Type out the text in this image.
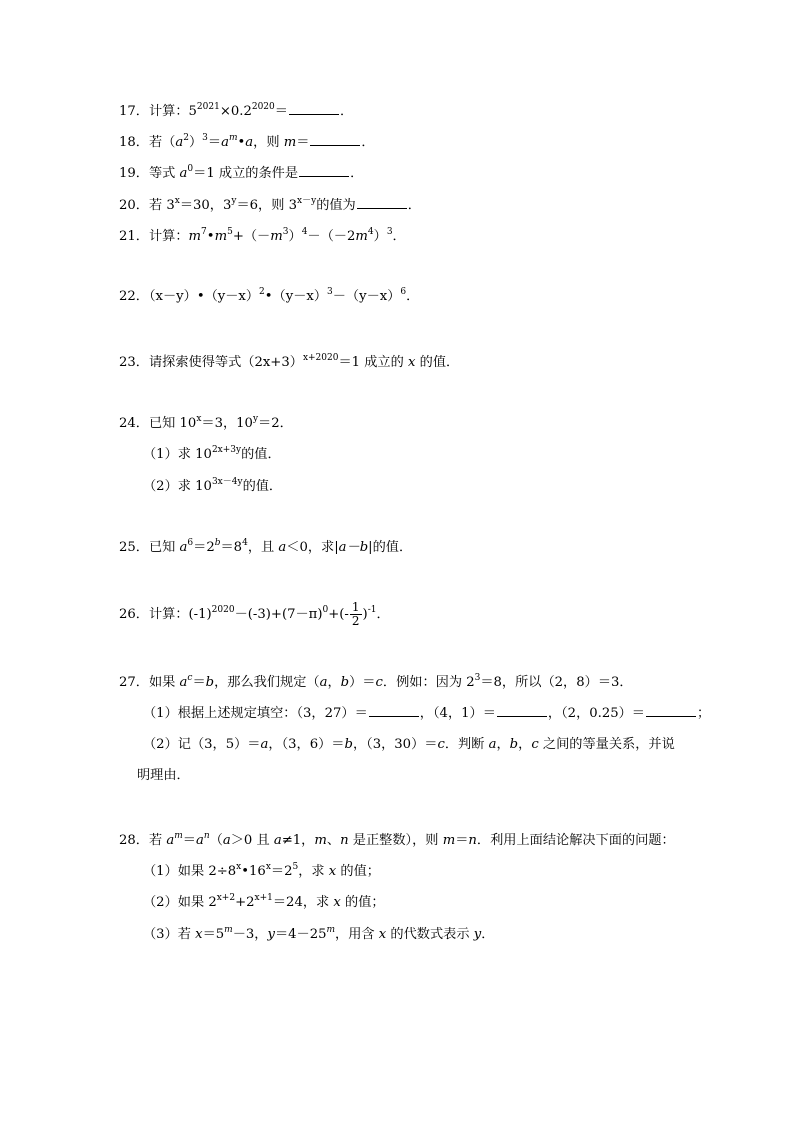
17．计算：$5^{2021}\times 0.2^{2020}=$	．
18．若$(a^2)^3=a^m•a$，则 m＝	．
19．等式 $a^0=1$ 成立的条件是	．
20．若 $3^x=30$，$3^y=6$，则 $3^{x-y}$的值为	．
21．计算：$m^7•m^5+(-m^3)^4-(-2m^4)^3$．
22．$(x-y)•(y-x)^2•(y-x)^3-(y-x)^6$．
23．请探索使得等式$(2x+3)^{x+2020}=1$ 成立的 x 的值．
24．已知 $10^x=3$，$10^y=2$．
（1）求 $10^{2x+3y}$的值．
（2）求 $10^{3x-4y}$的值．
25．已知 $a^6=2^b=8^4$，且 a＜0，求|a－b|的值．
26．计算：$(-1)^{2020}-(-3)+(7-\pi)^0+(- \frac{1}{2} )^{-1}$．
27．如果 $a^c=b$，那么我们规定（a，b）＝c．例如：因为 $2^3=8$，所以（2，8）＝3．
（1）根据上述规定填空：（3，27）＝	，（4，1）＝	，（2，0.25）＝	；
（2）记（3，5）＝a，（3，6）＝b，（3，30）＝c．判断 a，b，c 之间的等量关系，并说
明理由．
28．若 $a^m=a^n(a>0$ 且 a≠1，m、n 是正整数），则 m＝n．利用上面结论解决下面的问题：
（1）如果 $2\div 8^x•16^x=2^5$，求 x 的值；
（2）如果 $2^{x+2}+2^{x+1}=24$，求 x 的值；
（3）若 $x=5^m-3$，$y=4-25^m$，用含 x 的代数式表示 y．
